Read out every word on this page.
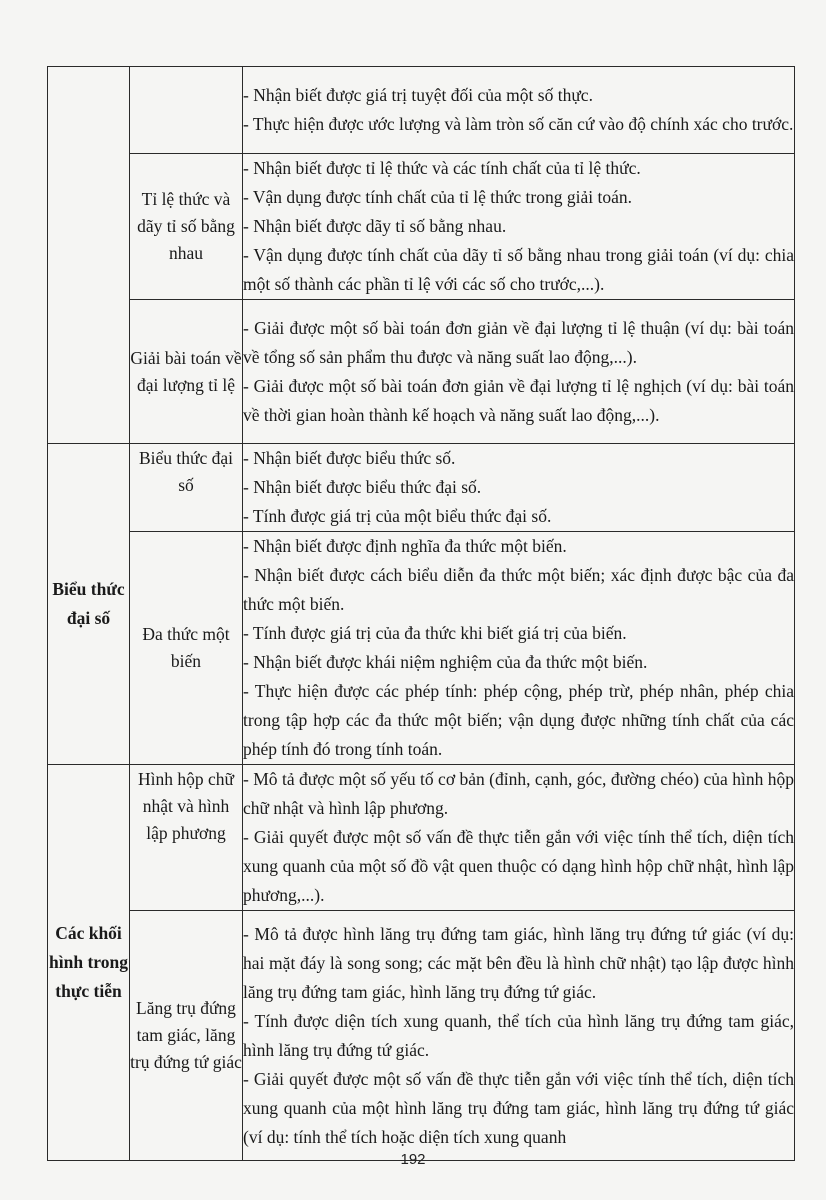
		- Nhận biết được giá trị tuyệt đối của một số thực.

- Thực hiện được ước lượng và làm tròn số căn cứ vào độ chính xác cho trước.

	Tỉ lệ thức và dãy tỉ số bằng nhau	- Nhận biết được tỉ lệ thức và các tính chất của tỉ lệ thức.

- Vận dụng được tính chất của tỉ lệ thức trong giải toán.

- Nhận biết được dãy tỉ số bằng nhau.

- Vận dụng được tính chất của dãy tỉ số bằng nhau trong giải toán (ví dụ: chia một số thành các phần tỉ lệ với các số cho trước,...).

	Giải bài toán về đại lượng tỉ lệ	- Giải được một số bài toán đơn giản về đại lượng tỉ lệ thuận (ví dụ: bài toán về tổng số sản phẩm thu được và năng suất lao động,...).

- Giải được một số bài toán đơn giản về đại lượng tỉ lệ nghịch (ví dụ: bài toán về thời gian hoàn thành kế hoạch và năng suất lao động,...).

Biểu thức đại số	Biểu thức đại số	- Nhận biết được biểu thức số.

- Nhận biết được biểu thức đại số.

- Tính được giá trị của một biểu thức đại số.

	Đa thức một biến	- Nhận biết được định nghĩa đa thức một biến.

- Nhận biết được cách biểu diễn đa thức một biến; xác định được bậc của đa thức một biến.

- Tính được giá trị của đa thức khi biết giá trị của biến.

- Nhận biết được khái niệm nghiệm của đa thức một biến.

- Thực hiện được các phép tính: phép cộng, phép trừ, phép nhân, phép chia trong tập hợp các đa thức một biến; vận dụng được những tính chất của các phép tính đó trong tính toán.

Các khối hình trong thực tiễn	Hình hộp chữ nhật và hình lập phương	- Mô tả được một số yếu tố cơ bản (đỉnh, cạnh, góc, đường chéo) của hình hộp chữ nhật và hình lập phương.

- Giải quyết được một số vấn đề thực tiễn gắn với việc tính thể tích, diện tích xung quanh của một số đồ vật quen thuộc có dạng hình hộp chữ nhật, hình lập phương,...).

	Lăng trụ đứng tam giác, lăng trụ đứng tứ giác	- Mô tả được hình lăng trụ đứng tam giác, hình lăng trụ đứng tứ giác (ví dụ: hai mặt đáy là song song; các mặt bên đều là hình chữ nhật) tạo lập được hình lăng trụ đứng tam giác, hình lăng trụ đứng tứ giác.

- Tính được diện tích xung quanh, thể tích của hình lăng trụ đứng tam giác, hình lăng trụ đứng tứ giác.

- Giải quyết được một số vấn đề thực tiễn gắn với việc tính thể tích, diện tích xung quanh của một hình lăng trụ đứng tam giác, hình lăng trụ đứng tứ giác (ví dụ: tính thể tích hoặc diện tích xung quanh

192
